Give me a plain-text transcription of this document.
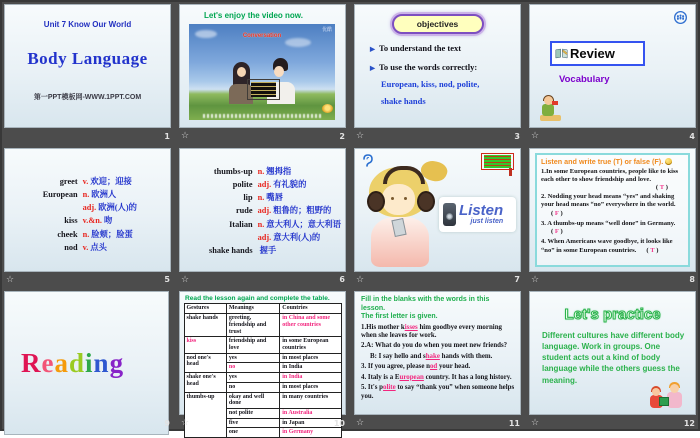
Unit 7 Know Our World
Body Language
第一PPT模板网-WWW.1PPT.COM
1
Let's enjoy the video now.
优酷
Conversation
☆	2
objectives
▶ To understand the text
▶ To use the words correctly:
European, kiss, nod, polite,
shake hands
☆	3
Review
Vocabulary
☆	4
greet v. 欢迎；迎接
European n. 欧洲人
adj. 欧洲(人)的
kiss v.&n. 吻
cheek n. 脸颊；脸蛋
nod v. 点头
☆	5
thumbs-up n. 翘拇指
polite adj. 有礼貌的
lip n. 嘴唇
rude adj. 粗鲁的；粗野的
Italian n. 意大利人；意大利语
adj. 意大利(人)的
shake hands 握手
☆	6
Listen
just listen
☆	7
Listen and write true (T) or false (F).
1.In some European countries, people like to kiss each other to show friendship and love.
( T )
2. Nodding your head means “yes” and shaking your head means “no” everywhere in the world.( F )
3. A thumbs-up means “well done” in Germany.( F )
4. When Americans wave goodbye, it looks like “no” in some European countries. ( T )
☆	8
R e a d i n g
9
Read the lesson again and complete the table.
Gestures	Meanings	Countries
shake hands	greeting, friendship and trust	in China and some other countries
kiss	friendship and love	in some European countries
nod one's head	yes	in most places
	no	in India
shake one's head	yes	in India
	no	in most places
thumbs-up	okay and well done	in many countries
	not polite	in Australia
	five	in Japan
	one	in Germany
☆	10
Fill in the blanks with the words in this lesson.
The first letter is given.
1.His mother kisses him goodbye every morning when she leaves for work.
2.A: What do you do when you meet new friends?
B: I say hello and shake hands with them.
3. If you agree, please nod your head.
4. Italy is a European country. It has a long history.
5. It's polite to say “thank you” when someone helps you.
☆	11
Let's practice
Different cultures have different body language. Work in groups. One student acts out a kind of body language while the others guess the meaning.
☆	12
